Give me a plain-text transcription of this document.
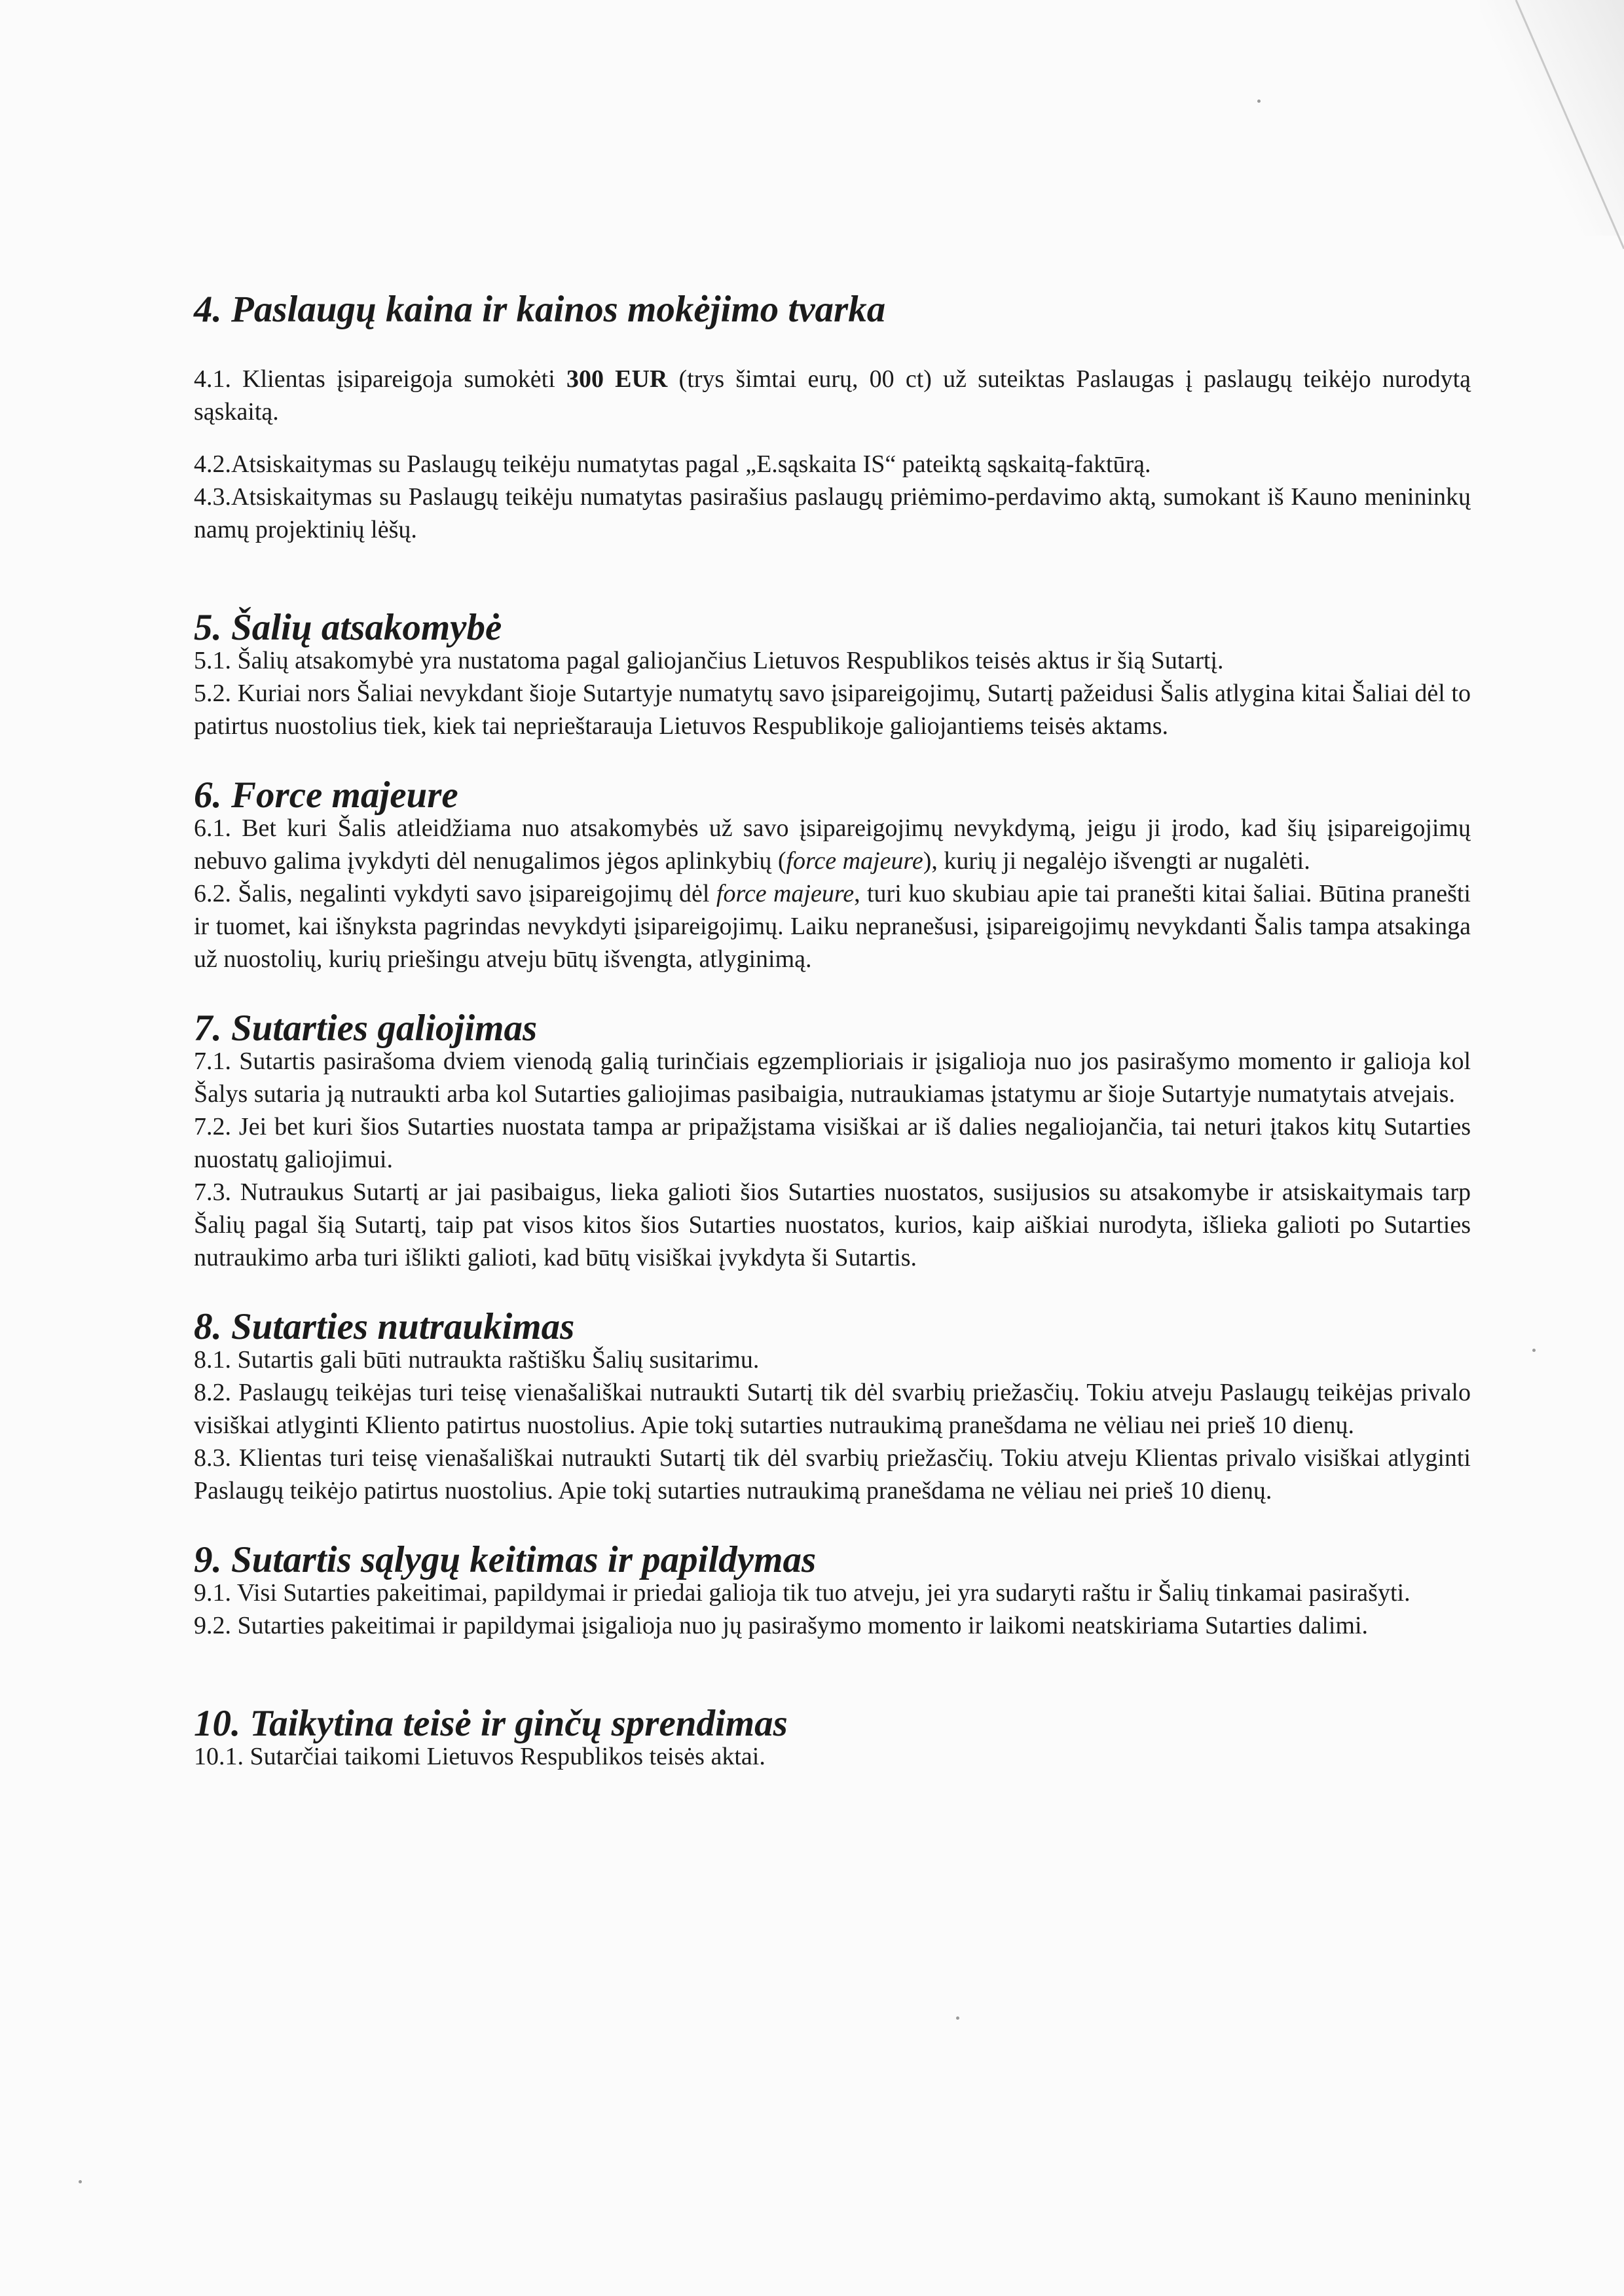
4. Paslaugų kaina ir kainos mokėjimo tvarka

4.1. Klientas įsipareigoja sumokėti 300 EUR (trys šimtai eurų, 00 ct) už suteiktas Paslaugas į paslaugų teikėjo nurodytą sąskaitą.

4.2.Atsiskaitymas su Paslaugų teikėju numatytas pagal „E.sąskaita IS“ pateiktą sąskaitą-faktūrą.

4.3.Atsiskaitymas su Paslaugų teikėju numatytas pasirašius paslaugų priėmimo-perdavimo aktą, sumokant iš Kauno menininkų namų projektinių lėšų.

5. Šalių atsakomybė

5.1. Šalių atsakomybė yra nustatoma pagal galiojančius Lietuvos Respublikos teisės aktus ir šią Sutartį.

5.2. Kuriai nors Šaliai nevykdant šioje Sutartyje numatytų savo įsipareigojimų, Sutartį pažeidusi Šalis atlygina kitai Šaliai dėl to patirtus nuostolius tiek, kiek tai neprieštarauja Lietuvos Respublikoje galiojantiems teisės aktams.

6. Force majeure

6.1. Bet kuri Šalis atleidžiama nuo atsakomybės už savo įsipareigojimų nevykdymą, jeigu ji įrodo, kad šių įsipareigojimų nebuvo galima įvykdyti dėl nenugalimos jėgos aplinkybių (force majeure), kurių ji negalėjo išvengti ar nugalėti.

6.2. Šalis, negalinti vykdyti savo įsipareigojimų dėl force majeure, turi kuo skubiau apie tai pranešti kitai šaliai. Būtina pranešti ir tuomet, kai išnyksta pagrindas nevykdyti įsipareigojimų. Laiku nepranešusi, įsipareigojimų nevykdanti Šalis tampa atsakinga už nuostolių, kurių priešingu atveju būtų išvengta, atlyginimą.

7. Sutarties galiojimas

7.1. Sutartis pasirašoma dviem vienodą galią turinčiais egzemplioriais ir įsigalioja nuo jos pasirašymo momento ir galioja kol Šalys sutaria ją nutraukti arba kol Sutarties galiojimas pasibaigia, nutraukiamas įstatymu ar šioje Sutartyje numatytais atvejais.

7.2. Jei bet kuri šios Sutarties nuostata tampa ar pripažįstama visiškai ar iš dalies negaliojančia, tai neturi įtakos kitų Sutarties nuostatų galiojimui.

7.3. Nutraukus Sutartį ar jai pasibaigus, lieka galioti šios Sutarties nuostatos, susijusios su atsakomybe ir atsiskaitymais tarp Šalių pagal šią Sutartį, taip pat visos kitos šios Sutarties nuostatos, kurios, kaip aiškiai nurodyta, išlieka galioti po Sutarties nutraukimo arba turi išlikti galioti, kad būtų visiškai įvykdyta ši Sutartis.

8. Sutarties nutraukimas

8.1. Sutartis gali būti nutraukta raštišku Šalių susitarimu.

8.2. Paslaugų teikėjas turi teisę vienašališkai nutraukti Sutartį tik dėl svarbių priežasčių. Tokiu atveju Paslaugų teikėjas privalo visiškai atlyginti Kliento patirtus nuostolius. Apie tokį sutarties nutraukimą pranešdama ne vėliau nei prieš 10 dienų.

8.3. Klientas turi teisę vienašališkai nutraukti Sutartį tik dėl svarbių priežasčių. Tokiu atveju Klientas privalo visiškai atlyginti Paslaugų teikėjo patirtus nuostolius. Apie tokį sutarties nutraukimą pranešdama ne vėliau nei prieš 10 dienų.

9. Sutartis sąlygų keitimas ir papildymas

9.1. Visi Sutarties pakeitimai, papildymai ir priedai galioja tik tuo atveju, jei yra sudaryti raštu ir Šalių tinkamai pasirašyti.

9.2. Sutarties pakeitimai ir papildymai įsigalioja nuo jų pasirašymo momento ir laikomi neatskiriama Sutarties dalimi.

10. Taikytina teisė ir ginčų sprendimas

10.1. Sutarčiai taikomi Lietuvos Respublikos teisės aktai.
